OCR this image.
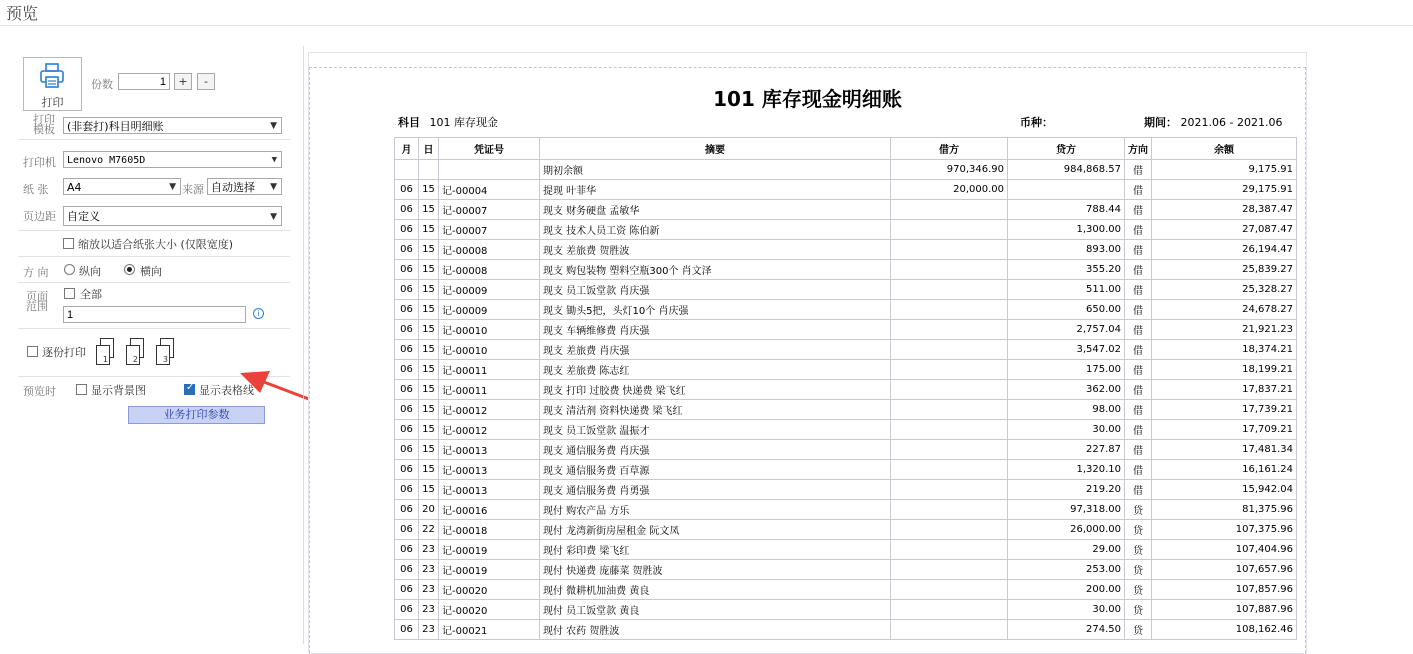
预览
打印
份数
1	+	-
打印
模板	(非套打)科目明细账	▼
打印机	Lenovo M7605D	▼
纸 张	A4	▼ 来源 自动选择 ▼
页边距	自定义	▼
缩放以适合纸张大小 (仅限宽度)
方 向	纵向	横向
页面
范围
全部
1
i
逐份打印
1	2	3
预览时	显示背景图 ✓	显示表格线
业务打印参数
101 库存现金明细账
科目 101 库存现金	币种：	期间： 2021.06 - 2021.06
月	日	凭证号	摘要	借方	贷方	方向	余额
			期初余额	970,346.90	984,868.57	借	9,175.91
06	15	记-00004	提现 叶菲华	20,000.00		借	29,175.91
06	15	记-00007	现支 财务硬盘 孟敏华		788.44	借	28,387.47
06	15	记-00007	现支 技术人员工资 陈伯新		1,300.00	借	27,087.47
06	15	记-00008	现支 差旅费 贺胜波		893.00	借	26,194.47
06	15	记-00008	现支 购包装物 塑料空瓶300个 肖文泽		355.20	借	25,839.27
06	15	记-00009	现支 员工饭堂款 肖庆强		511.00	借	25,328.27
06	15	记-00009	现支 锄头5把，头灯10个 肖庆强		650.00	借	24,678.27
06	15	记-00010	现支 车辆维修费 肖庆强		2,757.04	借	21,921.23
06	15	记-00010	现支 差旅费 肖庆强		3,547.02	借	18,374.21
06	15	记-00011	现支 差旅费 陈志红		175.00	借	18,199.21
06	15	记-00011	现支 打印 过胶费 快递费 梁飞红		362.00	借	17,837.21
06	15	记-00012	现支 清洁剂 资料快递费 梁飞红		98.00	借	17,739.21
06	15	记-00012	现支 员工饭堂款 温振才		30.00	借	17,709.21
06	15	记-00013	现支 通信服务费 肖庆强		227.87	借	17,481.34
06	15	记-00013	现支 通信服务费 百草源		1,320.10	借	16,161.24
06	15	记-00013	现支 通信服务费 肖勇强		219.20	借	15,942.04
06	20	记-00016	现付 购农产品 方乐		97,318.00	贷	81,375.96
06	22	记-00018	现付 龙湾新街房屋租金 阮文凤		26,000.00	贷	107,375.96
06	23	记-00019	现付 彩印费 梁飞红		29.00	贷	107,404.96
06	23	记-00019	现付 快递费 庞藤菜 贺胜波		253.00	贷	107,657.96
06	23	记-00020	现付 微耕机加油费 黄良		200.00	贷	107,857.96
06	23	记-00020	现付 员工饭堂款 黄良		30.00	贷	107,887.96
06	23	记-00021	现付 农药 贺胜波		274.50	贷	108,162.46
